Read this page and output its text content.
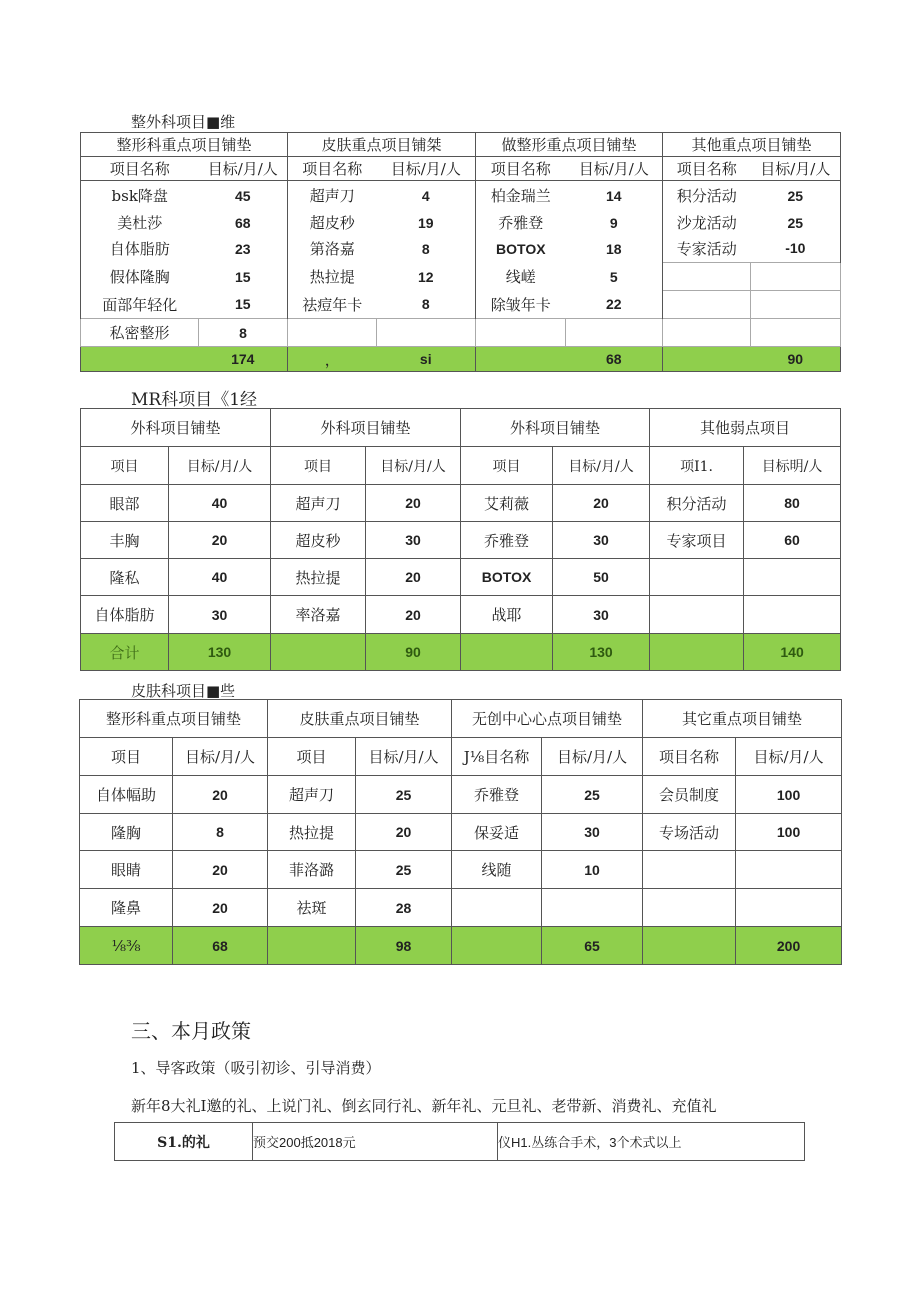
整外科项目■维
整形科重点项目铺垫		皮肤重点项目铺桀		做整形重点项目铺垫		其他重点项目铺垫	
项目名称	目标/月/人	项目名称	目标/月/人	项目名称	目标/月/人	项目名称	目标/月/人
bsk降盘	45	超声刀	4	柏金瑞兰	14	积分活动	25
美杜莎	68	超皮秒	19	乔雅登	9	沙龙活动	25
自体脂肪	23	第洛嘉	8	BOTOX	18	专家活动	-10
假体隆胸	15	热拉提	12	线嵯	5		
面部年轻化	15	祛痘年卡	8	除皱年卡	22		
私密整形	8						
	174	，	si		68		90
MR科项目《1经
外科项目铺垫		外科项目铺垫		外科项目铺垫		其他弱点项目	
项目	目标/月/人	项目	目标/月/人	项目	目标/月/人	项I1.	目标明/人
眼部	40	超声刀	20	艾莉薇	20	积分活动	80
丰胸	20	超皮秒	30	乔雅登	30	专家项目	60
隆私	40	热拉提	20	BOTOX	50		
自体脂肪	30	率洛嘉	20	战耶	30		
合计	130		90		130		140
皮肤科项目■些
整形科重点项目铺垫		皮肤重点项目铺垫		无创中心心点项目铺垫		其它重点项目铺垫	
项目	目标/月/人	项目	目标/月/人	J⅛目名称	目标/月/人	项目名称	目标/月/人
自体幅助	20	超声刀	25	乔雅登	25	会员制度	100
隆胸	8	热拉提	20	保妥适	30	专场活动	100
眼睛	20	菲洛潞	25	线随	10		
隆鼻	20	祛斑	28				
⅛⅜	68		98		65		200
三、本月政策
1、导客政策（吸引初诊、引导消费）
新年8大礼I邀的礼、上说门礼、倒玄同行礼、新年礼、元旦礼、老带新、消费礼、充值礼
S1.的礼	预交200抵2018元	仪H1.丛练合手术，3个术式以上
